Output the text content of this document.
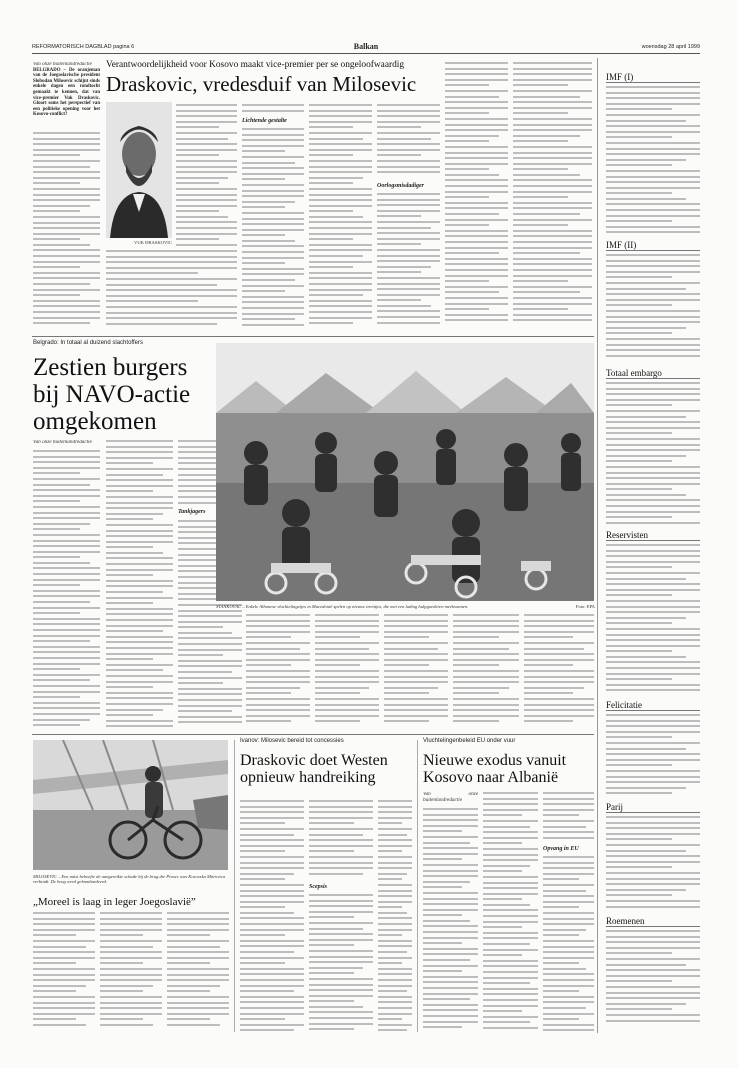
REFORMATORISCH DAGBLAD pagina 6	Balkan	woensdag 28 april 1999
Van onze buitenlandredactie
BELGRADO – De oranjeman van de Joegoslavische president Slobodan Milosevic schijnt sinds enkele dagen een rondtocht gemaakt te kennen, dat van vice-premier Vuk Draskovic. Gloort soms het perspectief van een politieke opening voor het Kosovo-conflict?
Verantwoordelijkheid voor Kosovo maakt vice-premier per se ongeloofwaardig
Draskovic, vredesduif van Milosevic
VUK DRASKOVIC
Lichtende gestalte
Oorlogsmisdadiger
Belgrado: In totaal al duizend slachtoffers
Zestien burgers bij NAVO-actie omgekomen
Van onze buitenlandredactie
Tankjagers
STANKOVAC – Enkele Albanese vluchtelingetjes in Macedonië spelen op nieuwe treintjes, die met een lading hulpgoederen meekwamen.	Foto: EPA
MILOSEVIC – Een mùsi behoefte de aangereikte schade bij de brug die Prosec was Kosovska Mitrovica verbindt. De brug werd gebombardeerd.
„Moreel is laag in leger Joegoslavië”
Ivanov: Milosevic bereid tot concessies
Draskovic doet Westen opnieuw handreiking
Scepsis
Vluchtelingenbeleid EU onder vuur
Nieuwe exodus vanuit Kosovo naar Albanië
Van onze buitenlandredactie
Opvang in EU
IMF (I)
IMF (II)
Totaal embargo
Reservisten
Felicitatie
Parij
Roemenen
